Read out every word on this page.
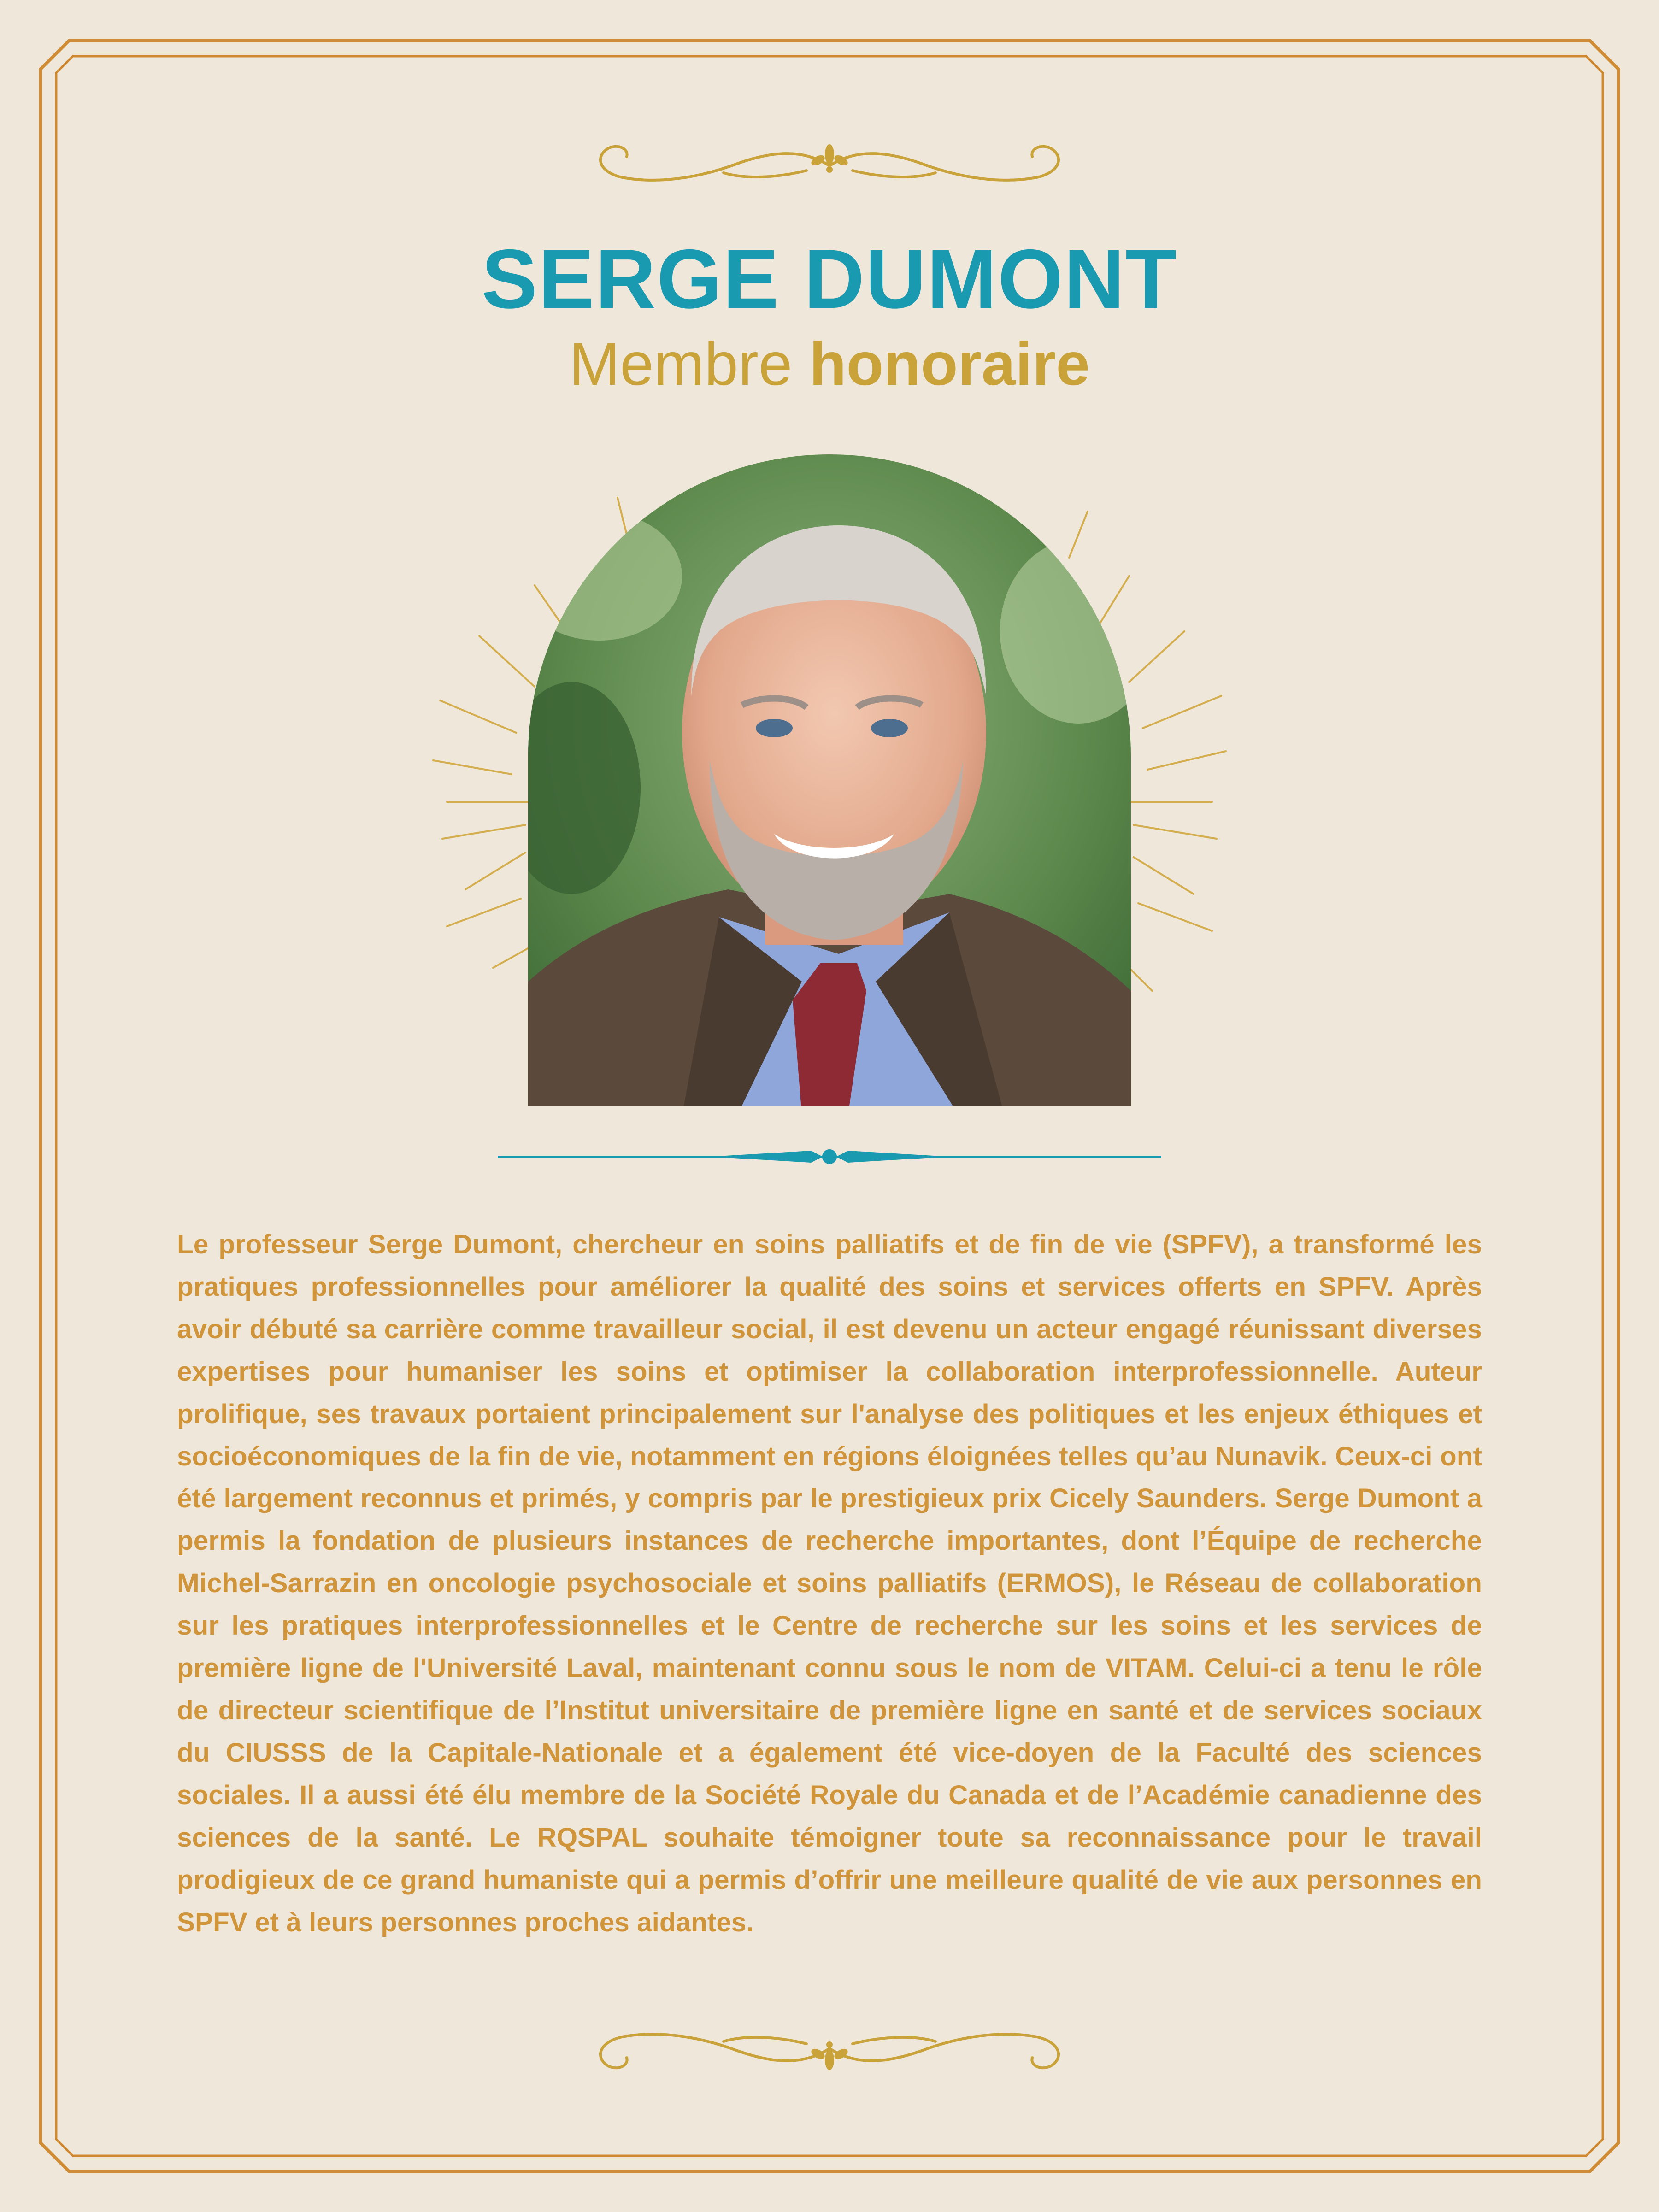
SERGE DUMONT
Membre honoraire

Le professeur Serge Dumont, chercheur en soins palliatifs et de fin de vie (SPFV), a transformé les pratiques professionnelles pour améliorer la qualité des soins et services offerts en SPFV. Après avoir débuté sa carrière comme travailleur social, il est devenu un acteur engagé réunissant diverses expertises pour humaniser les soins et optimiser la collaboration interprofessionnelle. Auteur prolifique, ses travaux portaient principalement sur l'analyse des politiques et les enjeux éthiques et socioéconomiques de la fin de vie, notamment en régions éloignées telles qu’au Nunavik. Ceux-ci ont été largement reconnus et primés, y compris par le prestigieux prix Cicely Saunders. Serge Dumont a permis la fondation de plusieurs instances de recherche importantes, dont l’Équipe de recherche Michel-Sarrazin en oncologie psychosociale et soins palliatifs (ERMOS), le Réseau de collaboration sur les pratiques interprofessionnelles et le Centre de recherche sur les soins et les services de première ligne de l'Université Laval, maintenant connu sous le nom de VITAM. Celui-ci a tenu le rôle de directeur scientifique de l’Institut universitaire de première ligne en santé et de services sociaux du CIUSSS de la Capitale-Nationale et a également été vice-doyen de la Faculté des sciences sociales. Il a aussi été élu membre de la Société Royale du Canada et de l’Académie canadienne des sciences de la santé. Le RQSPAL souhaite témoigner toute sa reconnaissance pour le travail prodigieux de ce grand humaniste qui a permis d’offrir une meilleure qualité de vie aux personnes en SPFV et à leurs personnes proches aidantes.
